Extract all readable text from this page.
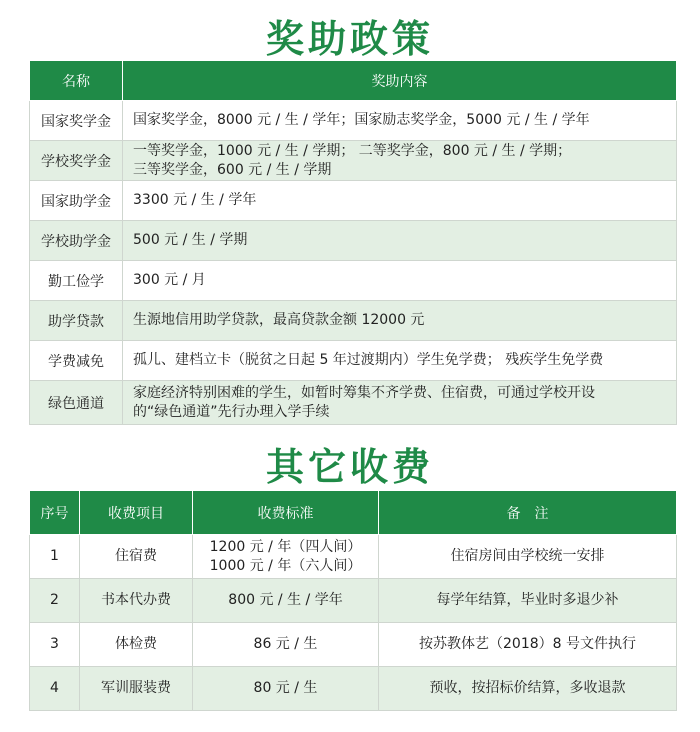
奖助政策
名称	奖助内容
国家奖学金	国家奖学金，8000 元 / 生 / 学年；国家励志奖学金，5000 元 / 生 / 学年

学校奖学金	一等奖学金，1000 元 / 生 / 学期； 二等奖学金，800 元 / 生 / 学期；
三等奖学金，600 元 / 生 / 学期

国家助学金	3300 元 / 生 / 学年

学校助学金	500 元 / 生 / 学期

勤工俭学	300 元 / 月

助学贷款	生源地信用助学贷款，最高贷款金额 12000 元

学费减免	孤儿、建档立卡（脱贫之日起 5 年过渡期内）学生免学费； 残疾学生免学费

绿色通道	家庭经济特别困难的学生，如暂时筹集不齐学费、住宿费，可通过学校开设
的“绿色通道”先行办理入学手续
其它收费
序号	收费项目	收费标准	备　注
1	住宿费	1200 元 / 年（四人间）
1000 元 / 年（六人间）	住宿房间由学校统一安排
2	书本代办费	800 元 / 生 / 学年	每学年结算，毕业时多退少补
3	体检费	86 元 / 生	按苏教体艺（2018）8 号文件执行
4	军训服装费	80 元 / 生	预收，按招标价结算，多收退款
